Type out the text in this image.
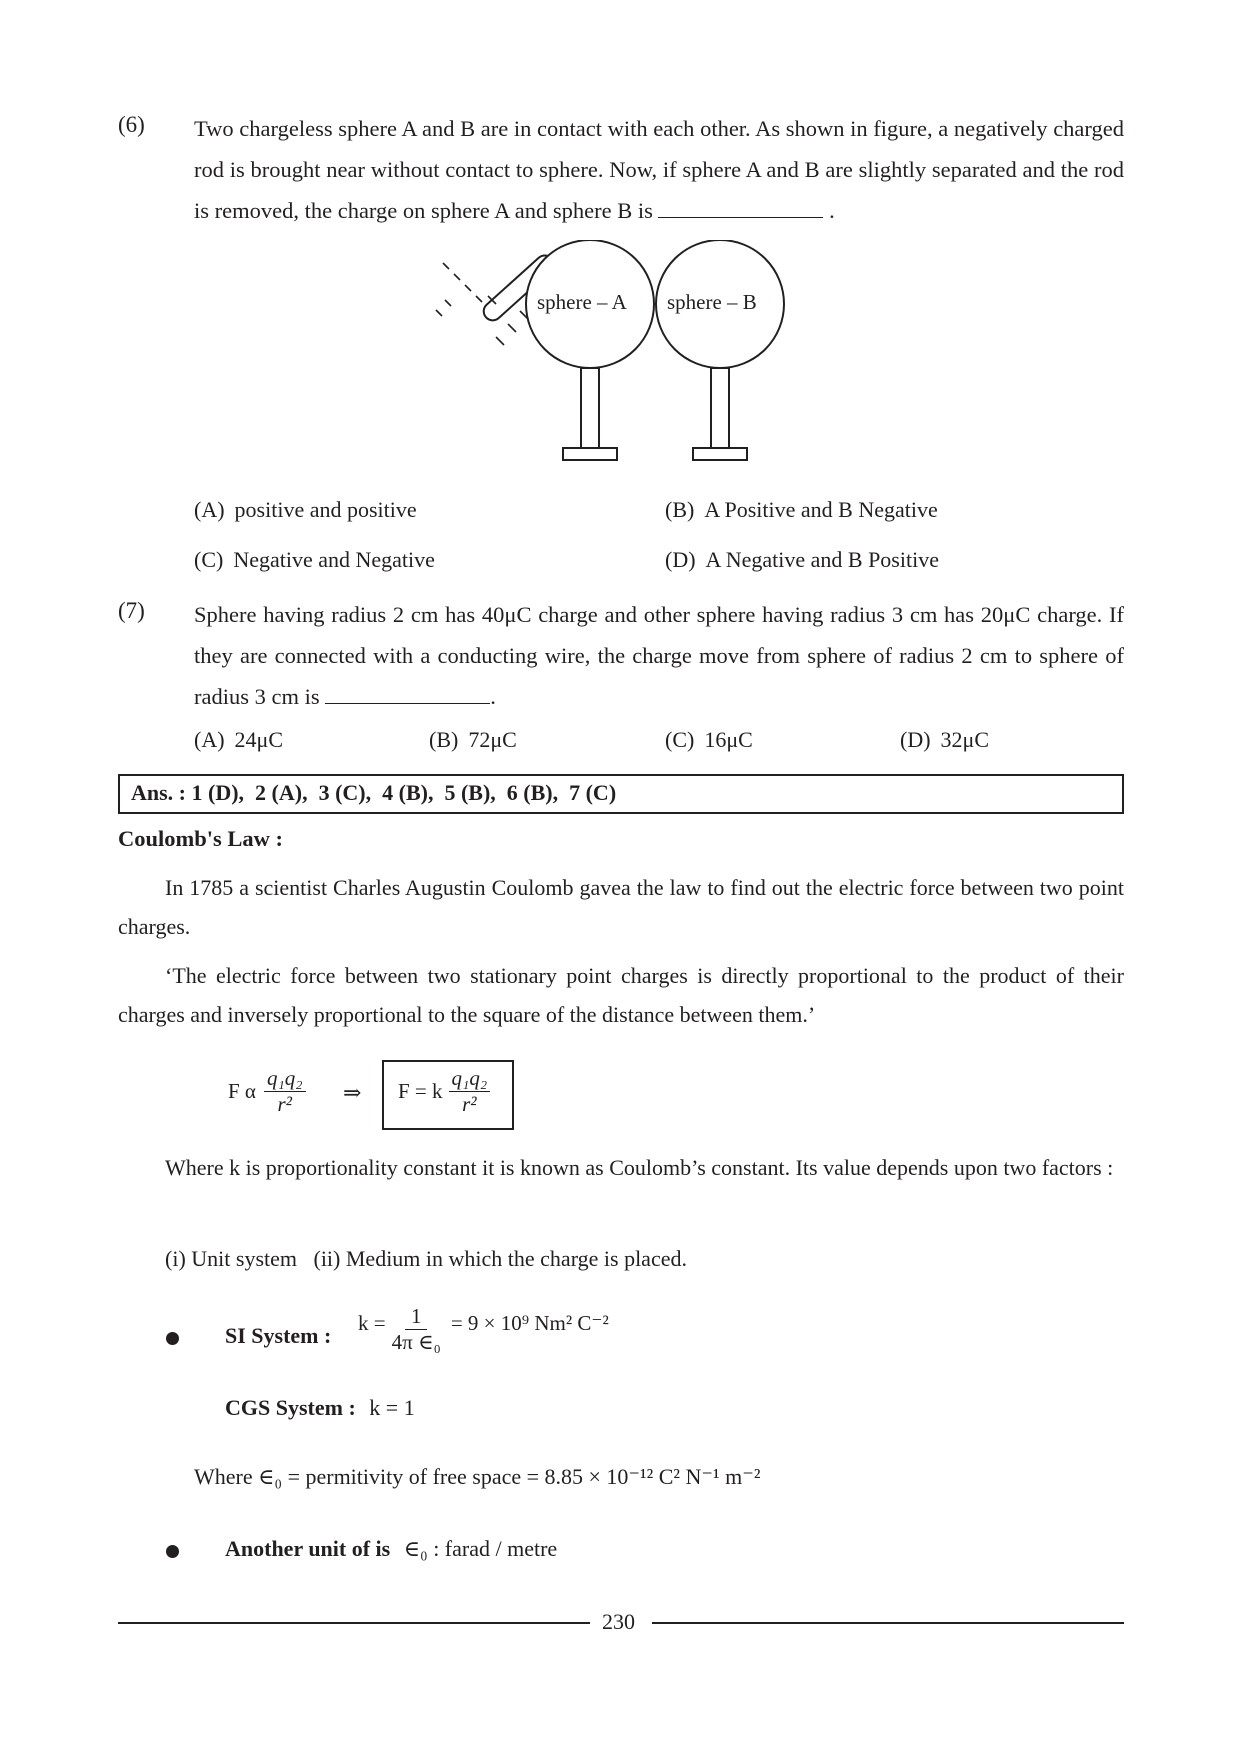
(6) Two chargeless sphere A and B are in contact with each other. As shown in figure, a negatively charged rod is brought near without contact to sphere. Now, if sphere A and B are slightly separated and the rod is removed, the charge on sphere A and sphere B is	.
sphere – A sphere – B
(A) positive and positive	(B) A Positive and B Negative
(C) Negative and Negative	(D) A Negative and B Positive
(7) Sphere having radius 2 cm has 40μC charge and other sphere having radius 3 cm has 20μC charge. If they are connected with a conducting wire, the charge move from sphere of radius 2 cm to sphere of radius 3 cm is	.
(A) 24μC	(B) 72μC	(C) 16μC	(D) 32μC
Ans. : 1 (D),  2 (A),  3 (C),  4 (B),  5 (B),  6 (B),  7 (C)
Coulomb's Law :
In 1785 a scientist Charles Augustin Coulomb gavea the law to find out the electric force between two point charges.
‘The electric force between two stationary point charges is directly proportional to the product of their charges and inversely proportional to the square of the distance between them.’
F α $\frac{\text{q₁q₂}}{\text{r²}}$ ⇒ F = k $\frac{\text{q₁q₂}}{\text{r²}}$
Where k is proportionality constant it is known as Coulomb’s constant. Its value depends upon two factors :
(i) Unit system   (ii) Medium in which the charge is placed.
SI System : $k = \frac{1}{\text{4π ∈₀}} = 9 \times 10^9$ Nm² C⁻²
CGS System : k = 1
Where ∈₀ = permitivity of free space = 8.85 × 10⁻¹² C² N⁻¹ m⁻²
Another unit of is ∈₀ : farad / metre
230
